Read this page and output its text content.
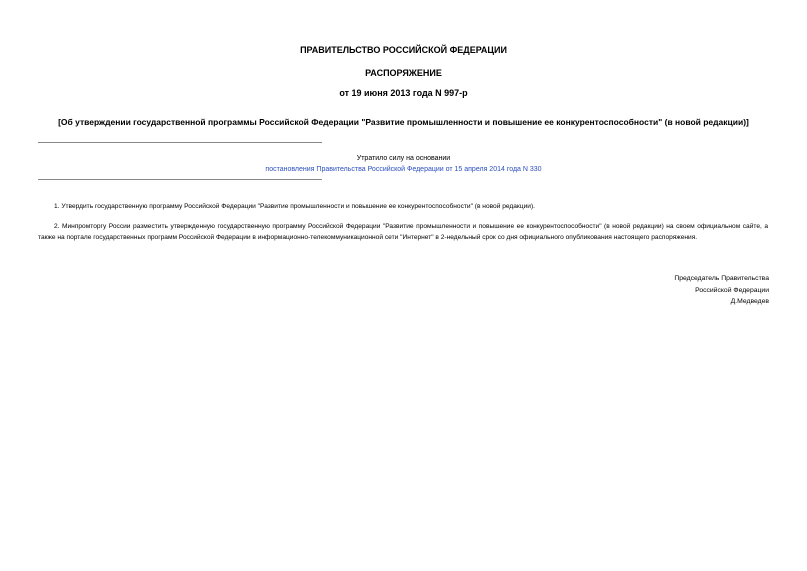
ПРАВИТЕЛЬСТВО РОССИЙСКОЙ ФЕДЕРАЦИИ
РАСПОРЯЖЕНИЕ
от 19 июня 2013 года N 997-р
[Об утверждении государственной программы Российской Федерации "Развитие промышленности и повышение ее конкурентоспособности" (в новой редакции)]
Утратило силу на основании
постановления Правительства Российской Федерации от 15 апреля 2014 года N 330
1. Утвердить государственную программу Российской Федерации "Развитие промышленности и повышение ее конкурентоспособности" (в новой редакции).
2. Минпромторгу России разместить утвержденную государственную программу Российской Федерации "Развитие промышленности и повышение ее конкурентоспособности" (в новой редакции) на своем официальном сайте, а также на портале государственных программ Российской Федерации в информационно-телекоммуникационной сети "Интернет" в 2-недельный срок со дня официального опубликования настоящего распоряжения.
Председатель Правительства
Российской Федерации
Д.Медведев
